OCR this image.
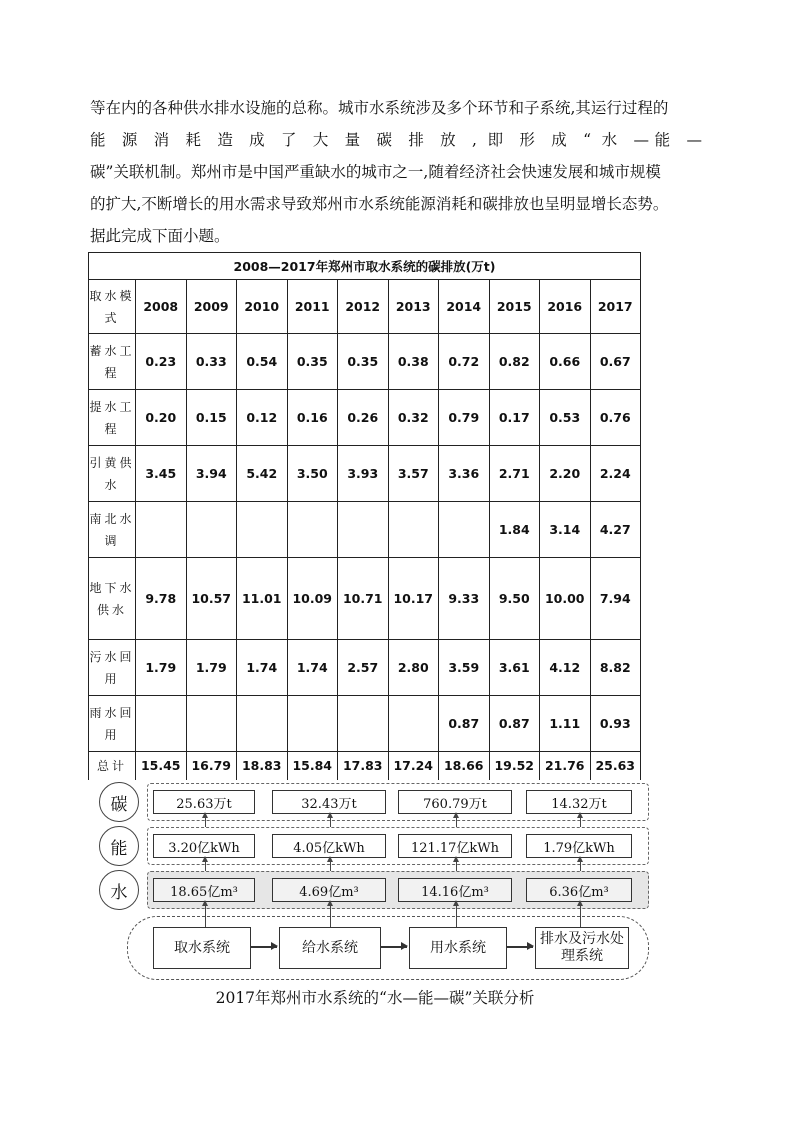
等在内的各种供水排水设施的总称。城市水系统涉及多个环节和子系统,其运行过程的

能 源 消 耗 造 成 了 大 量 碳 排 放 , 即 形 成 “ 水 —能 —

碳”关联机制。郑州市是中国严重缺水的城市之一,随着经济社会快速发展和城市规模

的扩大,不断增长的用水需求导致郑州市水系统能源消耗和碳排放也呈明显增长态势。

据此完成下面小题。

2008—2017年郑州市取水系统的碳排放(万t)										
取水模式	2008	2009	2010	2011	2012	2013	2014	2015	2016	2017
蓄水工程	0.23	0.33	0.54	0.35	0.35	0.38	0.72	0.82	0.66	0.67
提水工程	0.20	0.15	0.12	0.16	0.26	0.32	0.79	0.17	0.53	0.76
引黄供水	3.45	3.94	5.42	3.50	3.93	3.57	3.36	2.71	2.20	2.24
南北水调								1.84	3.14	4.27
地下水供水	9.78	10.57	11.01	10.09	10.71	10.17	9.33	9.50	10.00	7.94
污水回用	1.79	1.79	1.74	1.74	2.57	2.80	3.59	3.61	4.12	8.82
雨水回用							0.87	0.87	1.11	0.93
总计	15.45	16.79	18.83	15.84	17.83	17.24	18.66	19.52	21.76	25.63
碳	25.63万t	32.43万t	760.79万t	14.32万t
能	3.20亿kWh	4.05亿kWh	121.17亿kWh	1.79亿kWh
水	18.65亿m³	4.69亿m³	14.16亿m³	6.36亿m³
取水系统	给水系统	用水系统
排水及污水处理系统
2017年郑州市水系统的“水—能—碳”关联分析
